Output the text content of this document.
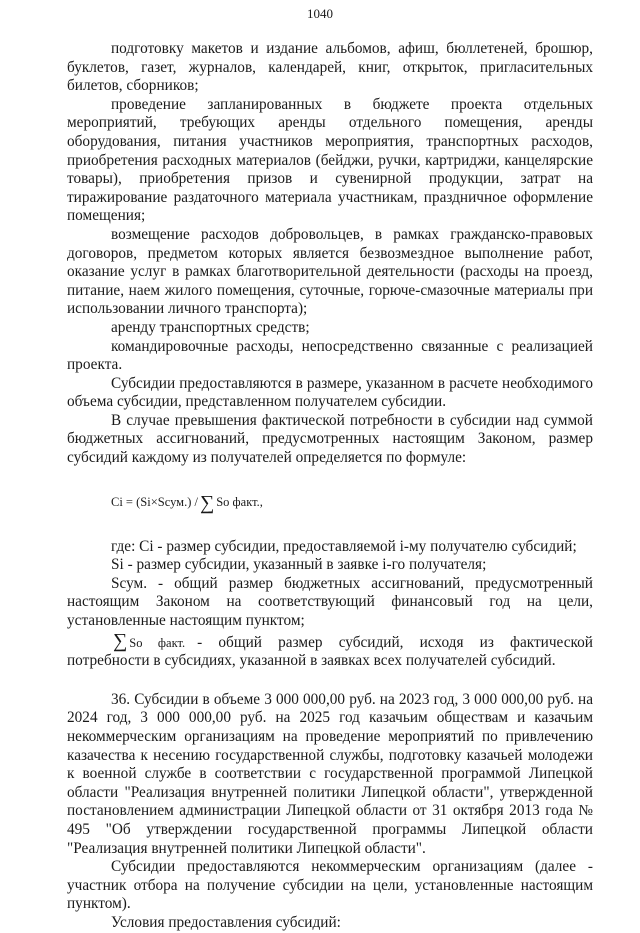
1040

подготовку макетов и издание альбомов, афиш, бюллетеней, брошюр, буклетов, газет, журналов, календарей, книг, открыток, пригласительных билетов, сборников;

проведение запланированных в бюджете проекта отдельных мероприятий, требующих аренды отдельного помещения, аренды оборудования, питания участников мероприятия, транспортных расходов, приобретения расходных материалов (бейджи, ручки, картриджи, канцелярские товары), приобретения призов и сувенирной продукции, затрат на тиражирование раздаточного материала участникам, праздничное оформление помещения;

возмещение расходов добровольцев, в рамках гражданско-правовых договоров, предметом которых является безвозмездное выполнение работ, оказание услуг в рамках благотворительной деятельности (расходы на проезд, питание, наем жилого помещения, суточные, горюче-смазочные материалы при использовании личного транспорта);

аренду транспортных средств;

командировочные расходы, непосредственно связанные с реализацией проекта.

Субсидии предоставляются в размере, указанном в расчете необходимого объема субсидии, представленном получателем субсидии.

В случае превышения фактической потребности в субсидии над суммой бюджетных ассигнований, предусмотренных настоящим Законом, размер субсидий каждому из получателей определяется по формуле:

Ci = (Si×Sсум.) / ∑ So факт.,

где: Ci - размер субсидии, предоставляемой i-му получателю субсидий;

Si - размер субсидии, указанный в заявке i-го получателя;

Sсум. - общий размер бюджетных ассигнований, предусмотренный настоящим Законом на соответствующий финансовый год на цели, установленные настоящим пунктом;

∑ So факт. - общий размер субсидий, исходя из фактической потребности в субсидиях, указанной в заявках всех получателей субсидий.

36. Субсидии в объеме 3 000 000,00 руб. на 2023 год, 3 000 000,00 руб. на 2024 год, 3 000 000,00 руб. на 2025 год казачьим обществам и казачьим некоммерческим организациям на проведение мероприятий по привлечению казачества к несению государственной службы, подготовку казачьей молодежи к военной службе в соответствии с государственной программой Липецкой области "Реализация внутренней политики Липецкой области", утвержденной постановлением администрации Липецкой области от 31 октября 2013 года № 495 "Об утверждении государственной программы Липецкой области "Реализация внутренней политики Липецкой области".

Субсидии предоставляются некоммерческим организациям (далее - участник отбора на получение субсидии на цели, установленные настоящим пунктом).

Условия предоставления субсидий:
